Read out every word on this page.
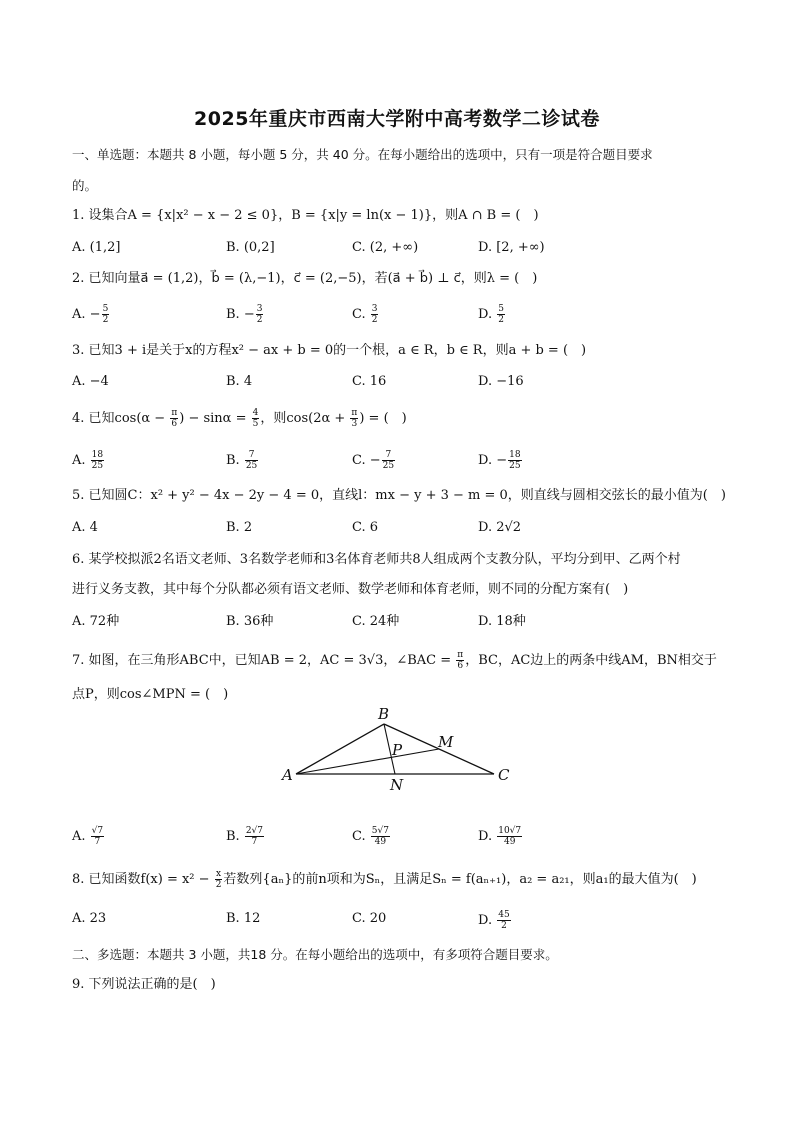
2025年重庆市西南大学附中高考数学二诊试卷
一、单选题：本题共 8 小题，每小题 5 分，共 40 分。在每小题给出的选项中，只有一项是符合题目要求
的。
1. 设集合A = {x|x² − x − 2 ≤ 0}，B = {x|y = ln(x − 1)}，则A ∩ B = (　)
A. (1,2]	B. (0,2]	C. (2, +∞)	D. [2, +∞)
2. 已知向量a⃗ = (1,2)，b⃗ = (λ,−1)，c⃗ = (2,−5)，若(a⃗ + b⃗) ⊥ c⃗，则λ = (　)
A. − $\frac{5}{2}$	B. − $\frac{3}{2}$	C. $\frac{3}{2}$	D. $\frac{5}{2}$
3. 已知3 + i是关于x的方程x² − ax + b = 0的一个根，a ∈ R，b ∈ R，则a + b = (　)
A. −4	B. 4	C. 16	D. −16
4. 已知$\cos(\alpha - \frac{\pi}{6}$ ) − $\sin\alpha = \frac{4}{5}$ ，则$\cos(2\alpha + \frac{\pi}{3}$ ) = (　)
A. $\frac{18}{25}$	B. $\frac{7}{25}$	C. − $\frac{7}{25}$	D. − $\frac{18}{25}$
5. 已知圆C：x² + y² − 4x − 2y − 4 = 0，直线l：mx − y + 3 − m = 0，则直线与圆相交弦长的最小值为(　)
A. 4	B. 2	C. 6	D. 2√2
6. 某学校拟派2名语文老师、3名数学老师和3名体育老师共8人组成两个支教分队，平均分到甲、乙两个村
进行义务支教，其中每个分队都必须有语文老师、数学老师和体育老师，则不同的分配方案有(　)
A. 72种	B. 36种	C. 24种	D. 18种
7. 如图，在三角形ABC中，已知AB = 2，AC = 3√3，∠BAC = $\frac{\pi}{6}$ ，BC，AC边上的两条中线AM，BN相交于
点P，则cos∠MPN = (　)
A
B
C
M
N
P
A. $\frac{√7}{7}$	B. $\frac{2√7}{7}$	C. $\frac{5√7}{49}$	D. $\frac{10√7}{49}$
8. 已知函数$f(x) = x^2 - \frac{x}{2}$ 若数列{aₙ}的前n项和为Sₙ，且满足Sₙ = f(aₙ₊₁)，a₂ = a₂₁，则a₁的最大值为(　)
A. 23	B. 12	C. 20	D. $\frac{45}{2}$
二、多选题：本题共 3 小题，共18 分。在每小题给出的选项中，有多项符合题目要求。
9. 下列说法正确的是(　)
